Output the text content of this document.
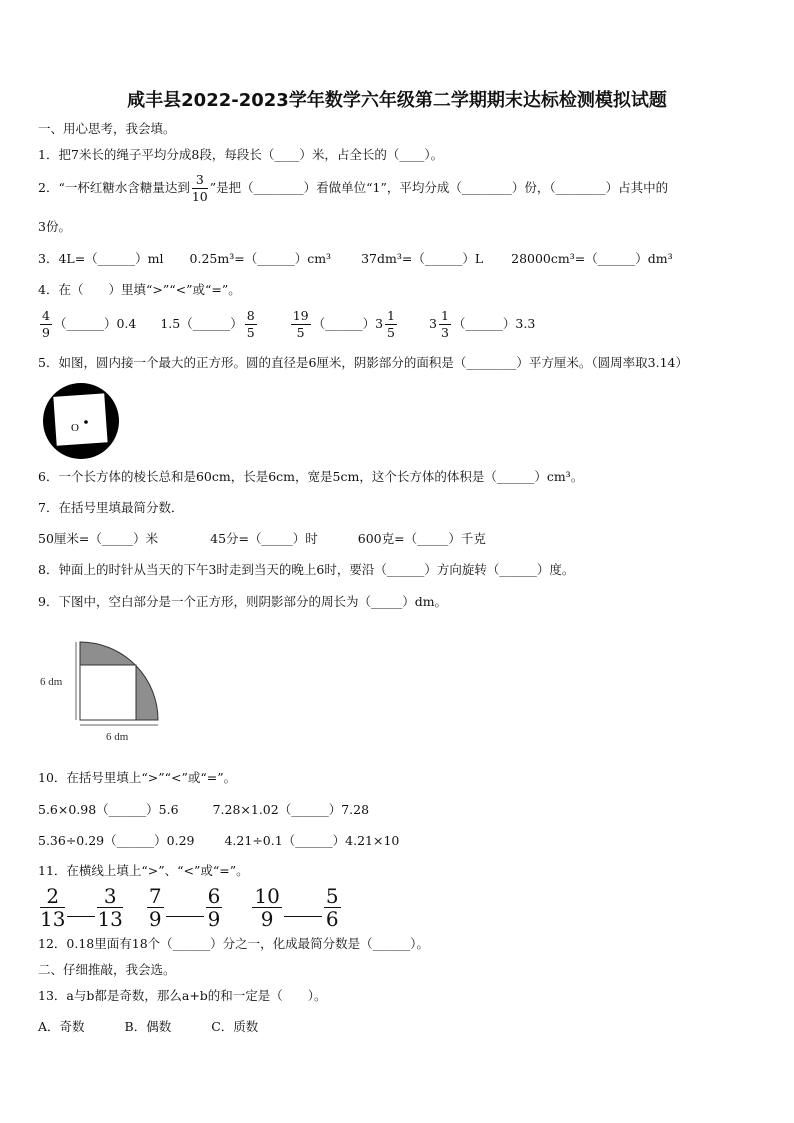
咸丰县2022-2023学年数学六年级第二学期期末达标检测模拟试题
一、用心思考，我会填。
1．把7米长的绳子平均分成8段，每段长（____）米，占全长的（____）。
2．“一杯红糖水含糖量达到 $\frac{3}{10}$ ”是把（________）看做单位“1”，平均分成（________）份，（________）占其中的
3份。
3．4L=（______）ml 0.25m³=（______）cm³ 37dm³=（______）L 28000cm³=（______）dm³
4．在（　　）里填“>”“<”或“=”。
$\frac{4}{9}$ （______）0.4 1.5（______） $\frac{8}{5}$	$\frac{19}{5}$ （______）3 $\frac{1}{5}$	$3 \frac{1}{3}$ （______）3.3
5．如图，圆内接一个最大的正方形。圆的直径是6厘米，阴影部分的面积是（________）平方厘米。（圆周率取3.14）
O
6．一个长方体的棱长总和是60cm，长是6cm，宽是5cm，这个长方体的体积是（______）cm³。
7．在括号里填最简分数．
50厘米=（_____）米	45分=（_____）时	600克=（_____）千克
8．钟面上的时针从当天的下午3时走到当天的晚上6时，要沿（______）方向旋转（______）度。
9．下图中，空白部分是一个正方形，则阴影部分的周长为（_____）dm。
6 dm
6 dm
10．在括号里填上“>”“<”或“=”。
5.6×0.98（______）5.6	7.28×1.02（______）7.28
5.36÷0.29（______）0.29 4.21÷0.1（______）4.21×10
11．在横线上填上“>”、“<”或“=”。
$\frac{2}{13} \frac{3}{13} \frac{7}{9} \frac{6}{9} \frac{10}{9} \frac{5}{6}$
12．0.18里面有18个（______）分之一，化成最简分数是（______）。
二、仔细推敲，我会选。
13．a与b都是奇数，那么a+b的和一定是（　　）。
A．奇数	B．偶数	C．质数
